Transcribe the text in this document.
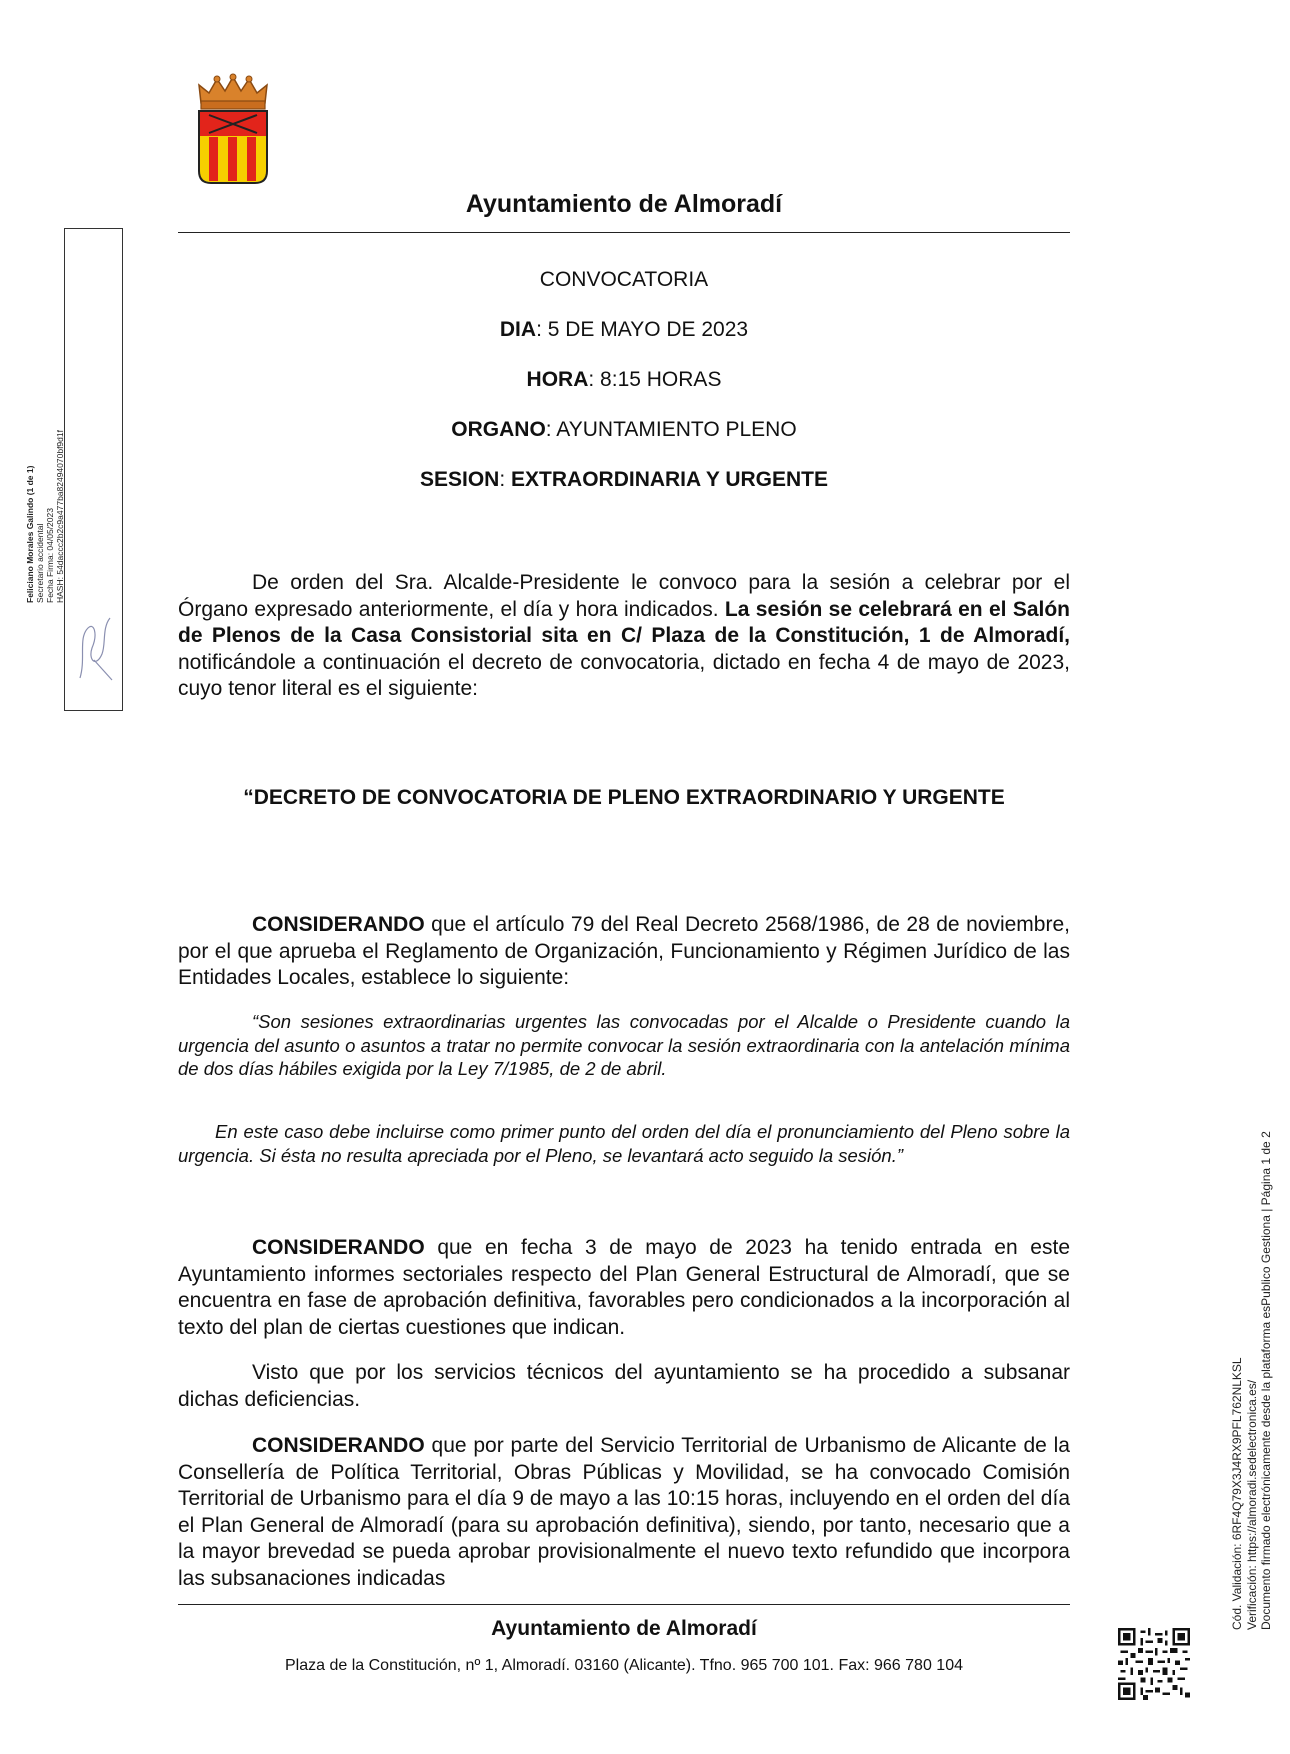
Ayuntamiento de Almoradí
CONVOCATORIA
DIA: 5 DE MAYO DE 2023
HORA: 8:15 HORAS
ORGANO: AYUNTAMIENTO PLENO
SESION: EXTRAORDINARIA Y URGENTE
De orden del Sra. Alcalde-Presidente le convoco para la sesión a celebrar por el Órgano expresado anteriormente, el día y hora indicados. La sesión se celebrará en el Salón de Plenos de la Casa Consistorial sita en C/ Plaza de la Constitución, 1 de Almoradí, notificándole a continuación el decreto de convocatoria, dictado en fecha 4 de mayo de 2023, cuyo tenor literal es el siguiente:
“DECRETO DE CONVOCATORIA DE PLENO EXTRAORDINARIO Y URGENTE
CONSIDERANDO que el artículo 79 del Real Decreto 2568/1986, de 28 de noviembre, por el que aprueba el Reglamento de Organización, Funcionamiento y Régimen Jurídico de las Entidades Locales, establece lo siguiente:
“Son sesiones extraordinarias urgentes las convocadas por el Alcalde o Presidente cuando la urgencia del asunto o asuntos a tratar no permite convocar la sesión extraordinaria con la antelación mínima de dos días hábiles exigida por la Ley 7/1985, de 2 de abril.
En este caso debe incluirse como primer punto del orden del día el pronunciamiento del Pleno sobre la urgencia. Si ésta no resulta apreciada por el Pleno, se levantará acto seguido la sesión.”
CONSIDERANDO que en fecha 3 de mayo de 2023 ha tenido entrada en este Ayuntamiento informes sectoriales respecto del Plan General Estructural de Almoradí, que se encuentra en fase de aprobación definitiva, favorables pero condicionados a la incorporación al texto del plan de ciertas cuestiones que indican.
Visto que por los servicios técnicos del ayuntamiento se ha procedido a subsanar dichas deficiencias.
CONSIDERANDO que por parte del Servicio Territorial de Urbanismo de Alicante de la Consellería de Política Territorial, Obras Públicas y Movilidad, se ha convocado Comisión Territorial de Urbanismo para el día 9 de mayo a las 10:15 horas, incluyendo en el orden del día el Plan General de Almoradí (para su aprobación definitiva), siendo, por tanto, necesario que a la mayor brevedad se pueda aprobar provisionalmente el nuevo texto refundido que incorpora las subsanaciones indicadas
Ayuntamiento de Almoradí
Plaza de la Constitución, nº 1, Almoradí. 03160 (Alicante). Tfno. 965 700 101. Fax: 966 780 104
Feliciano Morales Galindo (1 de 1) Secretario accidental Fecha Firma: 04/05/2023 HASH: 54daccc2b2c9a477ba82494070bf9d1f
Cód. Validación: 6RF4Q79X3J4RX9PFL762NLKSL Verificación: https://almoradi.sedelectronica.es/ Documento firmado electrónicamente desde la plataforma esPublico Gestiona | Página 1 de 2
